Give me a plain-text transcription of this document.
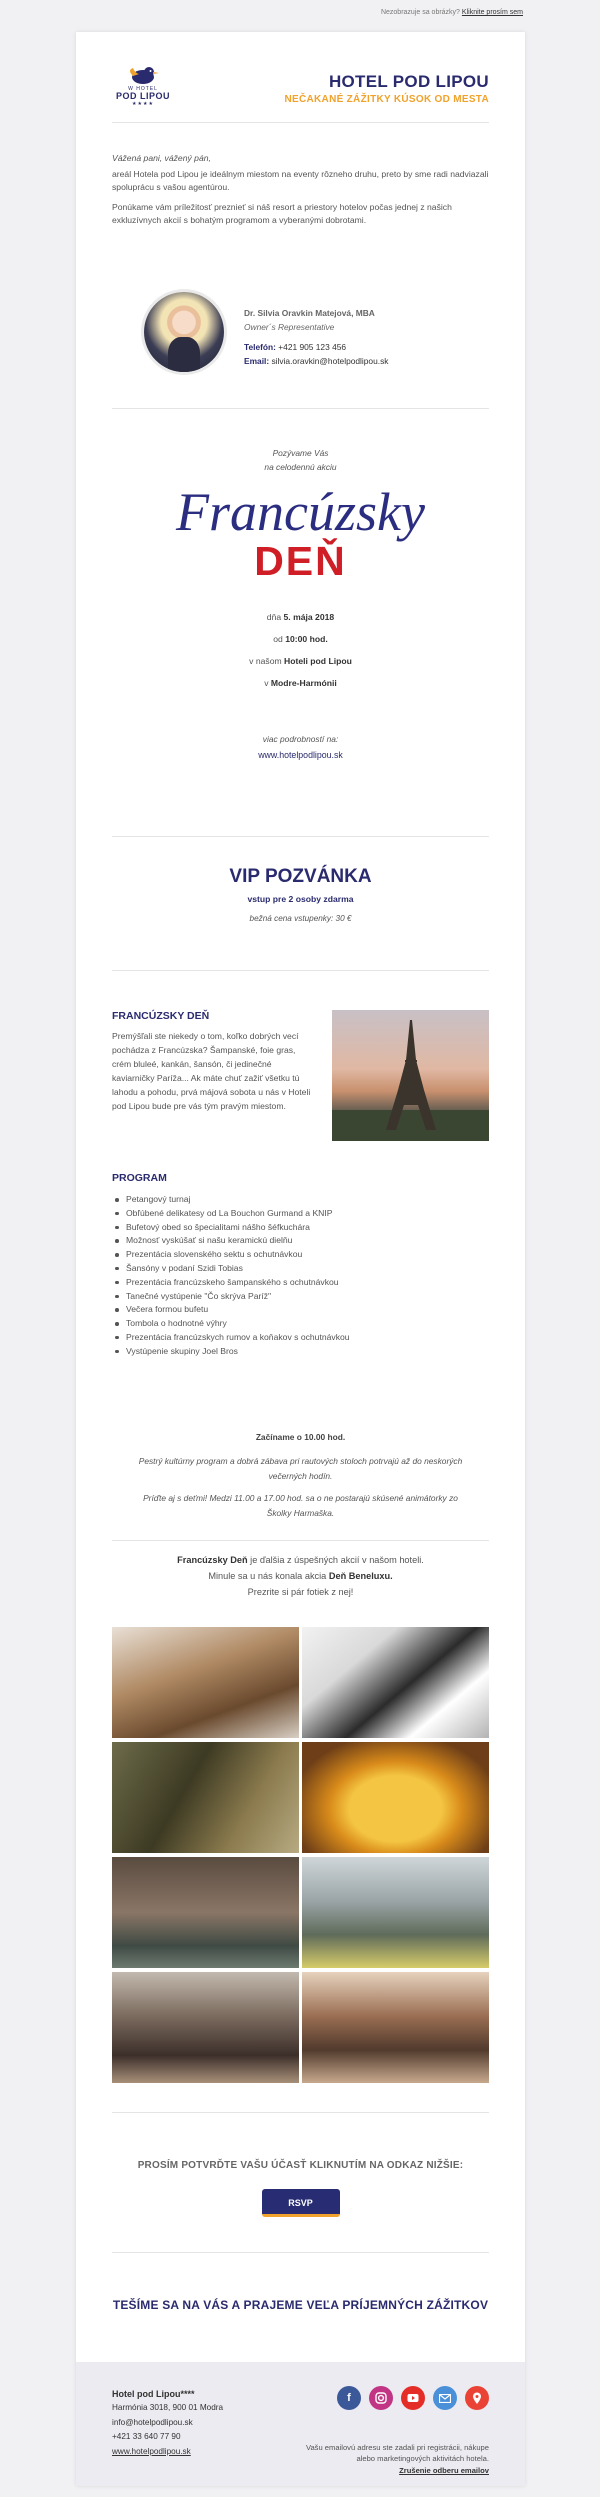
Nezobrazuje sa obrázky? Kliknite prosím sem
W HOTEL
POD LIPOU
★★★★
HOTEL POD LIPOU
NEČAKANÉ ZÁŽITKY KÚSOK OD MESTA

Vážená pani, vážený pán,

areál Hotela pod Lipou je ideálnym miestom na eventy rôzneho druhu, preto by sme radi nadviazali spoluprácu s vašou agentúrou.

Ponúkame vám príležitosť preznieť si náš resort a priestory hotelov počas jednej z našich exkluzívnych akcií s bohatým programom a vyberanými dobrotami.

Dr. Silvia Oravkin Matejová, MBA
Owner´s Representative
Telefón: +421 905 123 456
Email: silvia.oravkin@hotelpodlipou.sk
Pozývame Vás
na celodennú akciu
Francúzsky
DEŇ
dňa 5. mája 2018
od 10:00 hod.
v našom Hoteli pod Lipou
v Modre-Harmónii
viac podrobností na:
www.hotelpodlipou.sk
VIP POZVÁNKA
vstup pre 2 osoby zdarma
bežná cena vstupenky: 30 €
FRANCÚZSKY DEŇ
Premýšľali ste niekedy o tom, koľko dobrých vecí pochádza z Francúzska? Šampanské, foie gras, crém bluleé, kankán, šansón, či jedinečné kaviarničky Paríža... Ak máte chuť zažiť všetku tú lahodu a pohodu, prvá májová sobota u nás v Hoteli pod Lipou bude pre vás tým pravým miestom.
PROGRAM
Petangový turnaj
Obľúbené delikatesy od La Bouchon Gurmand a KNIP
Bufetový obed so špecialitami nášho šéfkuchára
Možnosť vyskúšať si našu keramickú dielňu
Prezentácia slovenského sektu s ochutnávkou
Šansóny v podaní Szidi Tobias
Prezentácia francúzskeho šampanského s ochutnávkou
Tanečné vystúpenie "Čo skrýva Paríž"
Večera formou bufetu
Tombola o hodnotné výhry
Prezentácia francúzskych rumov a koňakov s ochutnávkou
Vystúpenie skupiny Joel Bros
Začíname o 10.00 hod.
Pestrý kultúrny program a dobrá zábava pri rautových stoloch potrvajú až do neskorých večerných hodín.
Príďte aj s deťmi! Medzi 11.00 a 17.00 hod. sa o ne postarajú skúsené animátorky zo Školky Harmaška.
Francúzsky Deň je ďalšia z úspešných akcií v našom hoteli.
Minule sa u nás konala akcia Deň Beneluxu.
Prezrite si pár fotiek z nej!
PROSÍM POTVRĎTE VAŠU ÚČASŤ KLIKNUTÍM NA ODKAZ NIŽŠIE:
RSVP
TEŠÍME SA NA VÁS A PRAJEME VEĽA PRÍJEMNÝCH ZÁŽITKOV
Hotel pod Lipou****
Harmónia 3018, 900 01 Modra
info@hotelpodlipou.sk
+421 33 640 77 90
www.hotelpodlipou.sk
f
Vašu emailovú adresu ste zadali pri registrácii, nákupe
alebo marketingových aktivitách hotela.
Zrušenie odberu emailov
